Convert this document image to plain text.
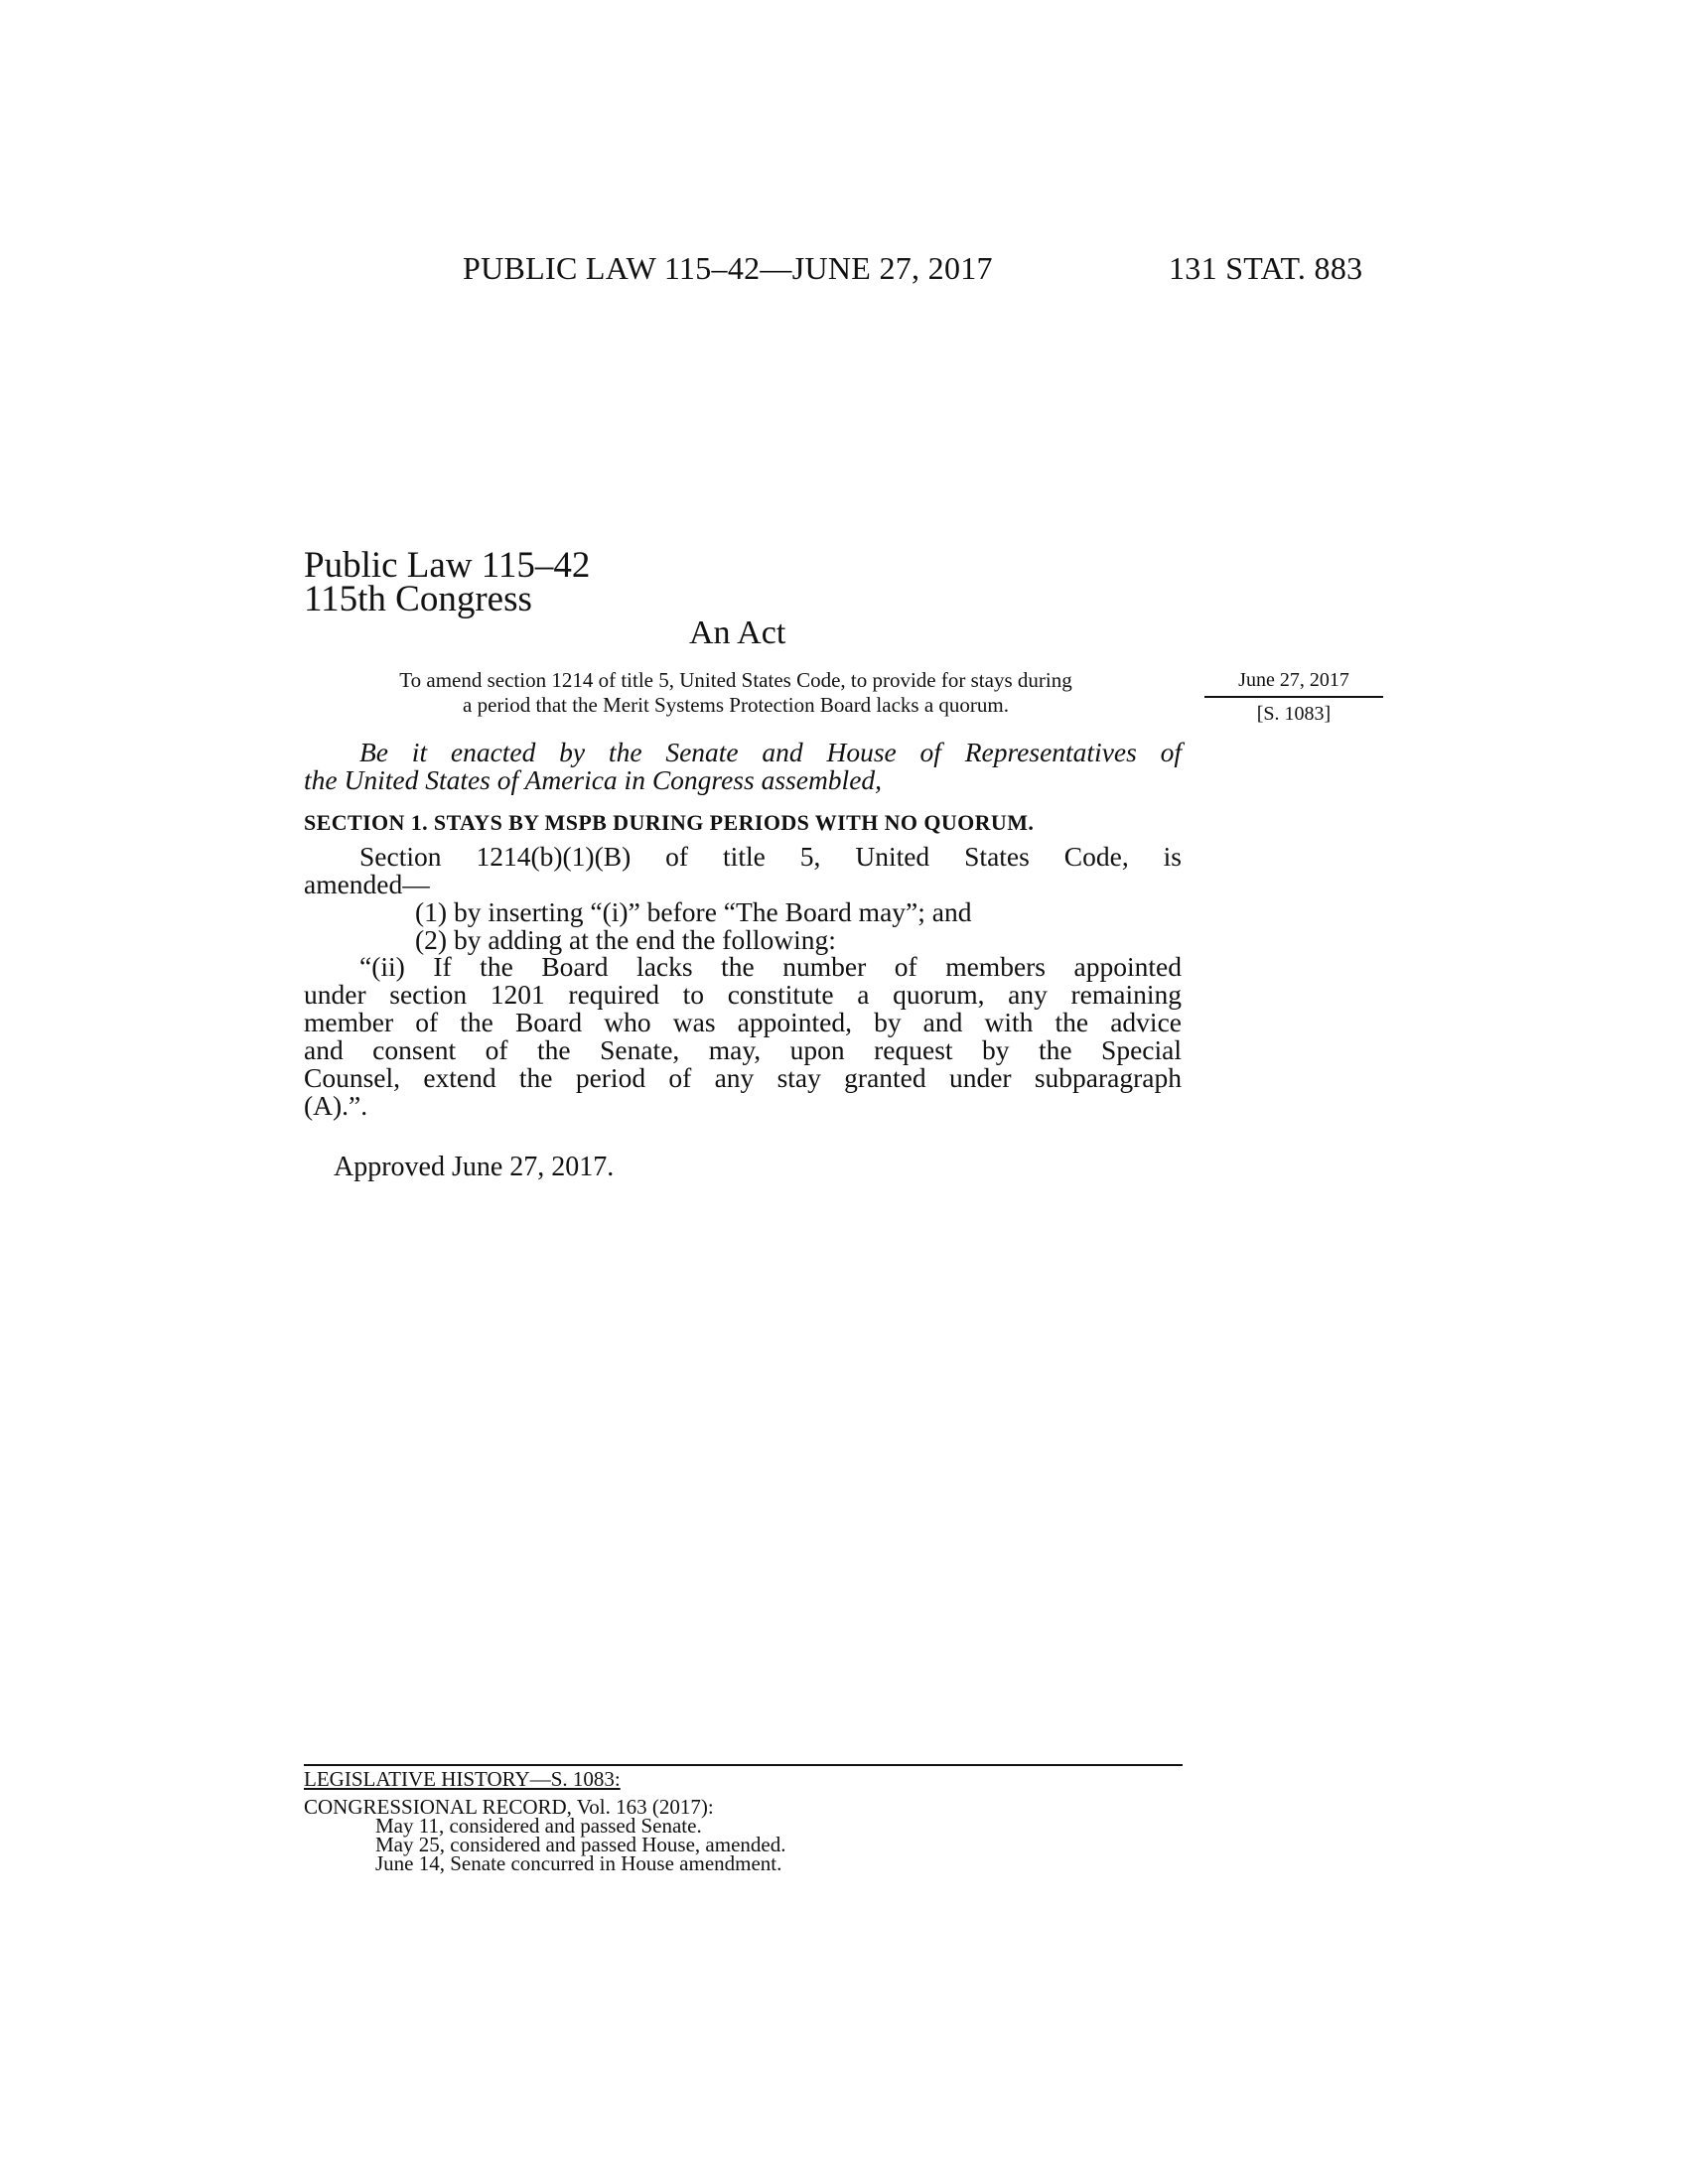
PUBLIC LAW 115–42—JUNE 27, 2017	131 STAT. 883
Public Law 115–42
115th Congress
An Act
To amend section 1214 of title 5, United States Code, to provide for stays during
a period that the Merit Systems Protection Board lacks a quorum.
June 27, 2017
[S. 1083]
Be it enacted by the Senate and House of Representatives of
the United States of America in Congress assembled,
SECTION 1. STAYS BY MSPB DURING PERIODS WITH NO QUORUM.
Section 1214(b)(1)(B) of title 5, United States Code, is
amended—
(1) by inserting “(i)” before “The Board may”; and
(2) by adding at the end the following:
“(ii) If the Board lacks the number of members appointed
under section 1201 required to constitute a quorum, any remaining
member of the Board who was appointed, by and with the advice
and consent of the Senate, may, upon request by the Special
Counsel, extend the period of any stay granted under subparagraph
(A).”.
Approved June 27, 2017.
LEGISLATIVE HISTORY—S. 1083:
CONGRESSIONAL RECORD, Vol. 163 (2017):
May 11, considered and passed Senate.
May 25, considered and passed House, amended.
June 14, Senate concurred in House amendment.
